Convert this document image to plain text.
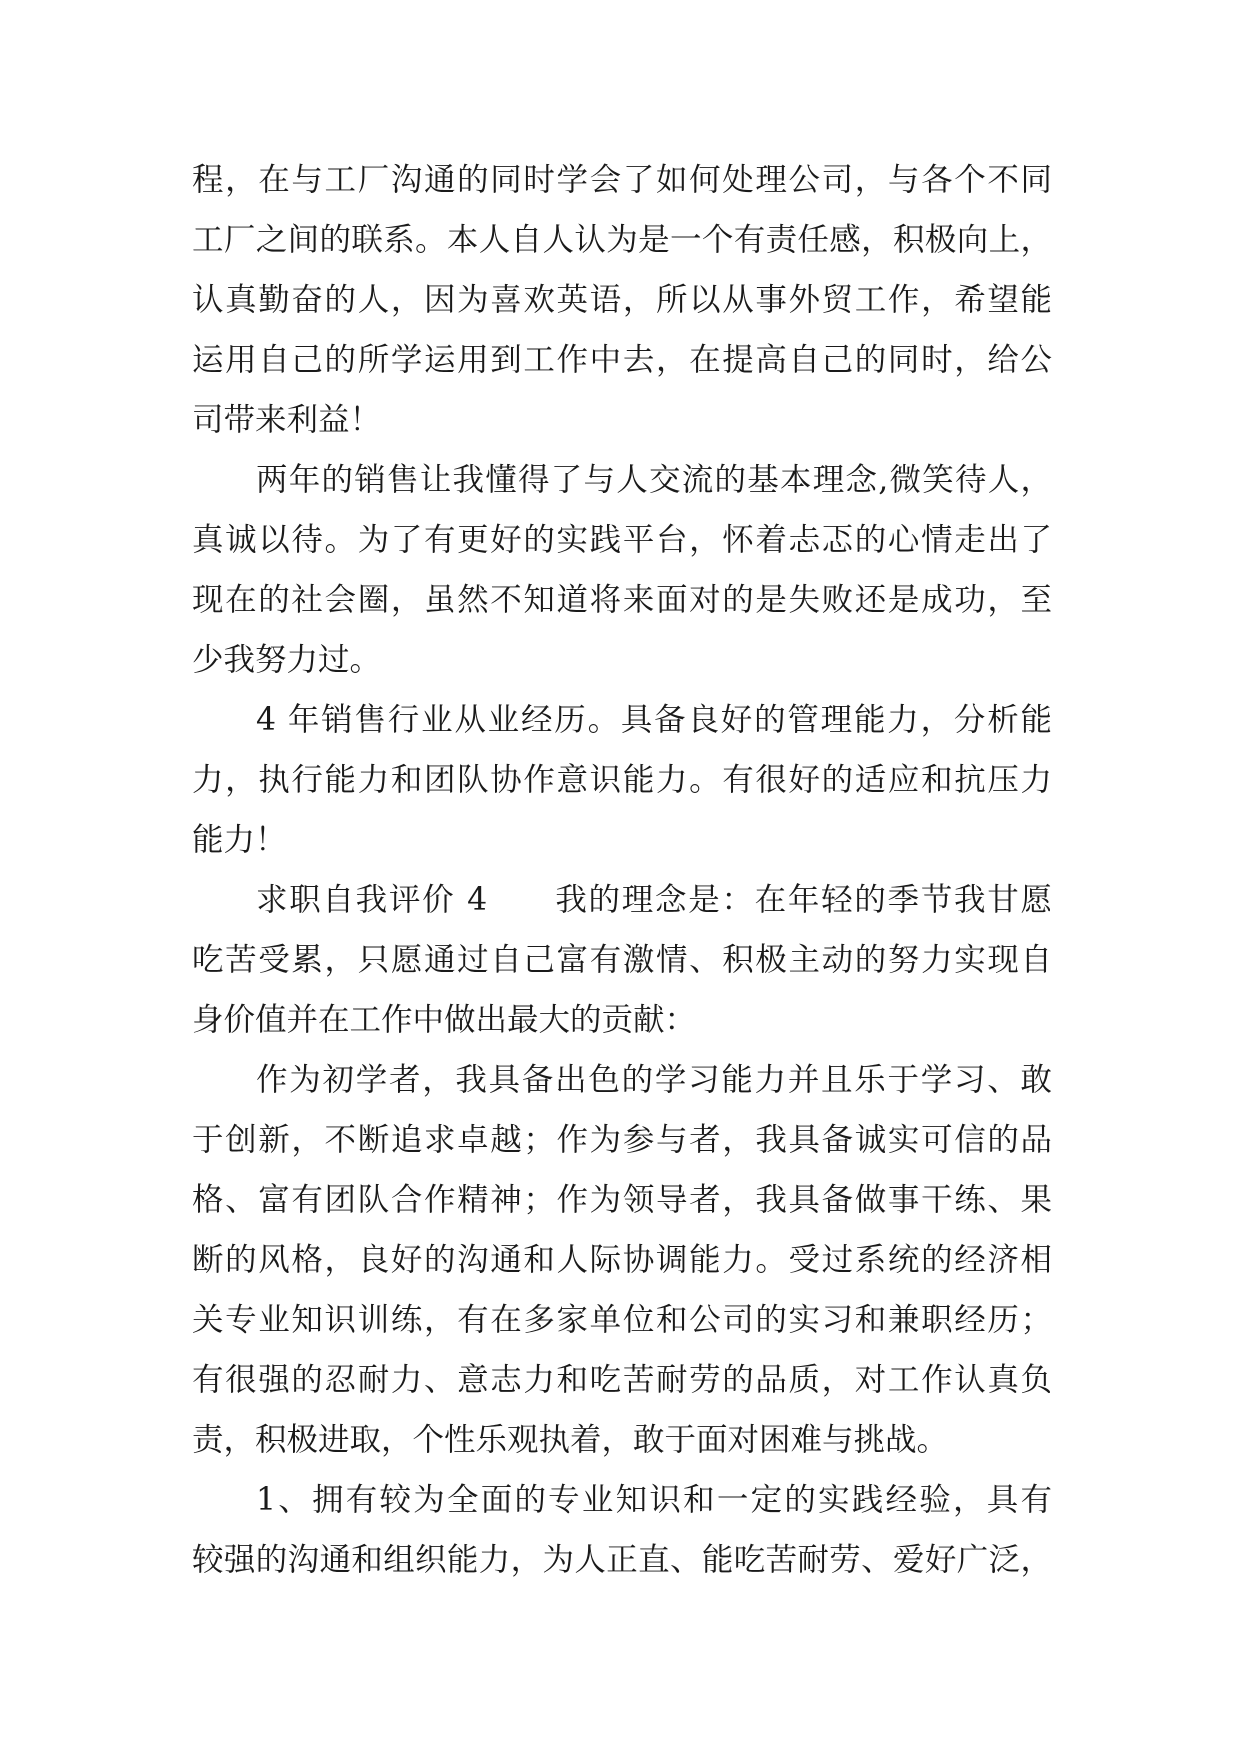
程，在与工厂沟通的同时学会了如何处理公司，与各个不同
工厂之间的联系。本人自人认为是一个有责任感，积极向上，
认真勤奋的人，因为喜欢英语，所以从事外贸工作，希望能
运用自己的所学运用到工作中去，在提高自己的同时，给公
司带来利益！

两年的销售让我懂得了与人交流的基本理念,微笑待人，
真诚以待。为了有更好的实践平台，怀着忐忑的心情走出了
现在的社会圈，虽然不知道将来面对的是失败还是成功，至
少我努力过。

4 年销售行业从业经历。具备良好的管理能力，分析能
力，执行能力和团队协作意识能力。有很好的适应和抗压力
能力！

求职自我评价 4　　我的理念是：在年轻的季节我甘愿
吃苦受累，只愿通过自己富有激情、积极主动的努力实现自
身价值并在工作中做出最大的贡献：

作为初学者，我具备出色的学习能力并且乐于学习、敢
于创新，不断追求卓越；作为参与者，我具备诚实可信的品
格、富有团队合作精神；作为领导者，我具备做事干练、果
断的风格，良好的沟通和人际协调能力。受过系统的经济相
关专业知识训练，有在多家单位和公司的实习和兼职经历；
有很强的忍耐力、意志力和吃苦耐劳的品质，对工作认真负
责，积极进取，个性乐观执着，敢于面对困难与挑战。

1、拥有较为全面的专业知识和一定的实践经验，具有
较强的沟通和组织能力，为人正直、能吃苦耐劳、爱好广泛，
